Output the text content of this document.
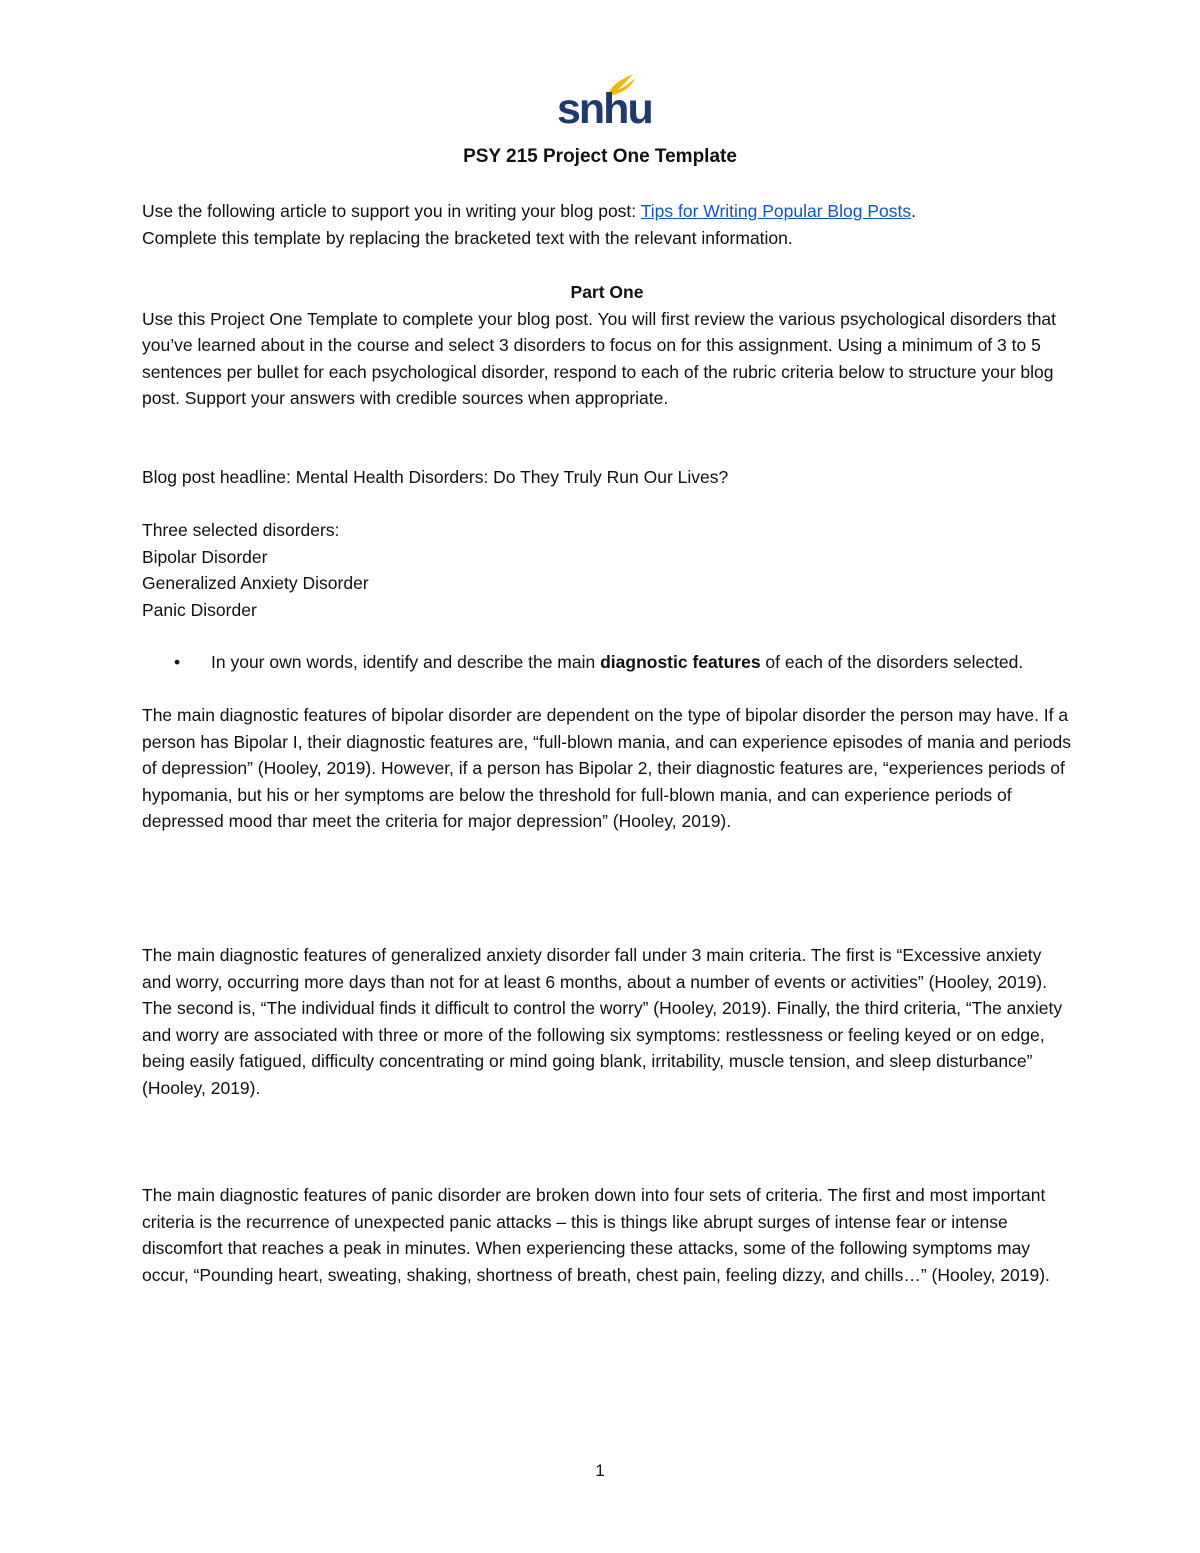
snhu
PSY 215 Project One Template

Use the following article to support you in writing your blog post: Tips for Writing Popular Blog Posts.

Complete this template by replacing the bracketed text with the relevant information.

Part One

Use this Project One Template to complete your blog post. You will first review the various psychological disorders that you’ve learned about in the course and select 3 disorders to focus on for this assignment. Using a minimum of 3 to 5 sentences per bullet for each psychological disorder, respond to each of the rubric criteria below to structure your blog post. Support your answers with credible sources when appropriate.

Blog post headline: Mental Health Disorders: Do They Truly Run Our Lives?

Three selected disorders:

Bipolar Disorder

Generalized Anxiety Disorder

Panic Disorder

• In your own words, identify and describe the main diagnostic features of each of the disorders selected.
The main diagnostic features of bipolar disorder are dependent on the type of bipolar disorder the person may have. If a person has Bipolar I, their diagnostic features are, “full-blown mania, and can experience episodes of mania and periods of depression” (Hooley, 2019). However, if a person has Bipolar 2, their diagnostic features are, “experiences periods of hypomania, but his or her symptoms are below the threshold for full-blown mania, and can experience periods of depressed mood thar meet the criteria for major depression” (Hooley, 2019).
The main diagnostic features of generalized anxiety disorder fall under 3 main criteria. The first is “Excessive anxiety and worry, occurring more days than not for at least 6 months, about a number of events or activities” (Hooley, 2019). The second is, “The individual finds it difficult to control the worry” (Hooley, 2019). Finally, the third criteria, “The anxiety and worry are associated with three or more of the following six symptoms: restlessness or feeling keyed or on edge, being easily fatigued, difficulty concentrating or mind going blank, irritability, muscle tension, and sleep disturbance” (Hooley, 2019).
The main diagnostic features of panic disorder are broken down into four sets of criteria. The first and most important criteria is the recurrence of unexpected panic attacks – this is things like abrupt surges of intense fear or intense discomfort that reaches a peak in minutes. When experiencing these attacks, some of the following symptoms may occur, “Pounding heart, sweating, shaking, shortness of breath, chest pain, feeling dizzy, and chills…” (Hooley, 2019).
1
